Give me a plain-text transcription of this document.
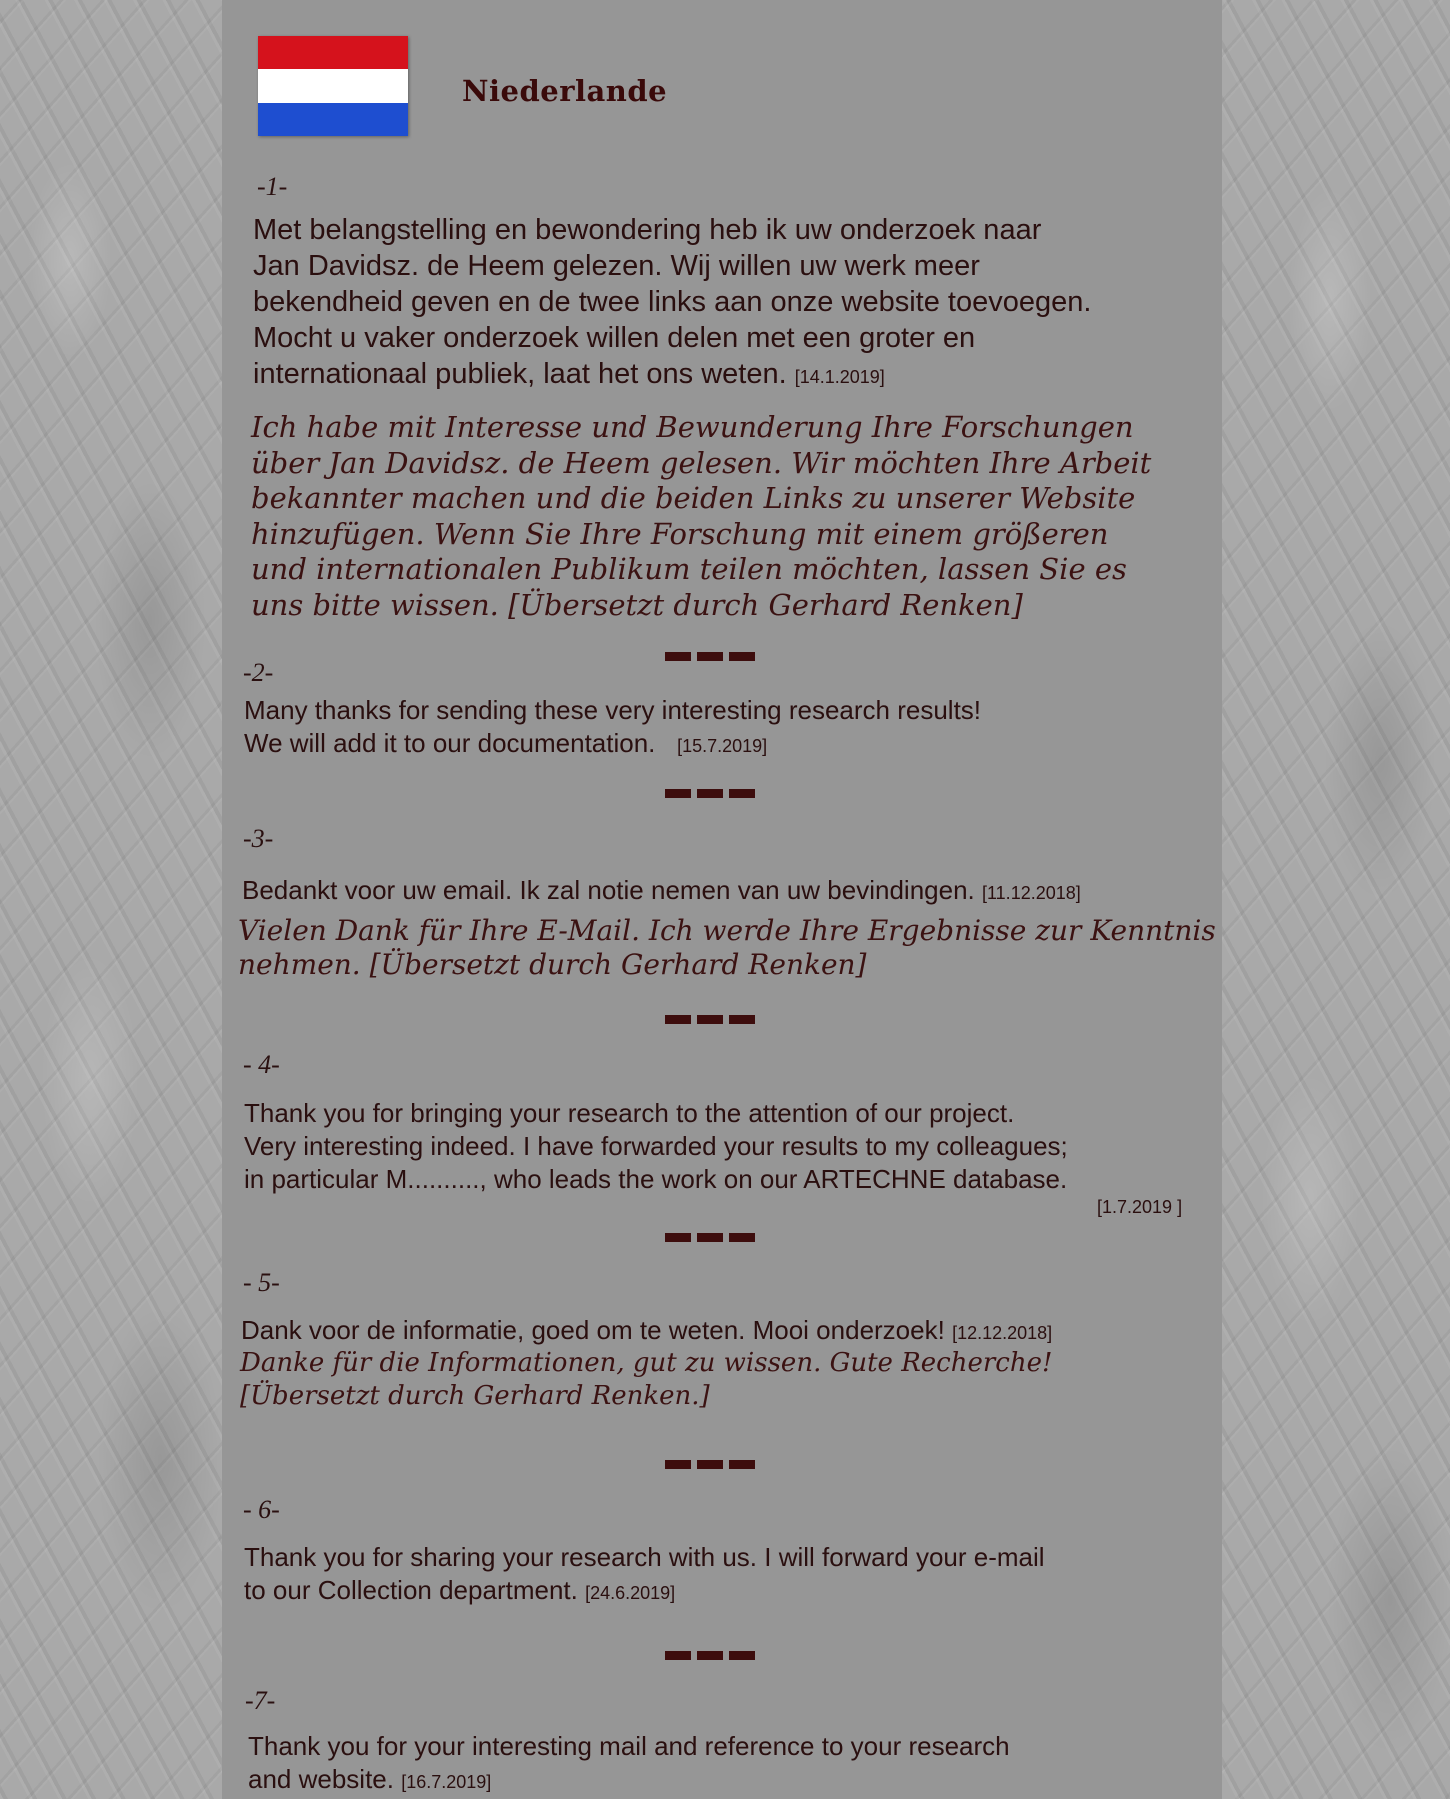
Niederlande

-1-

Met belangstelling en bewondering heb ik uw onderzoek naar
Jan Davidsz. de Heem gelezen. Wij willen uw werk meer
bekendheid geven en de twee links aan onze website toevoegen.
Mocht u vaker onderzoek willen delen met een groter en
internationaal publiek, laat het ons weten. [14.1.2019]

Ich habe mit Interesse und Bewunderung Ihre Forschungen
über Jan Davidsz. de Heem gelesen. Wir möchten Ihre Arbeit
bekannter machen und die beiden Links zu unserer Website
hinzufügen. Wenn Sie Ihre Forschung mit einem größeren
und internationalen Publikum teilen möchten, lassen Sie es
uns bitte wissen. [Übersetzt durch Gerhard Renken]

-2-

Many thanks for sending these very interesting research results!
We will add it to our documentation. [15.7.2019]

-3-

Bedankt voor uw email. Ik zal notie nemen van uw bevindingen. [11.12.2018]

Vielen Dank für Ihre E-Mail. Ich werde Ihre Ergebnisse zur Kenntnis
nehmen. [Übersetzt durch Gerhard Renken]

- 4-

Thank you for bringing your research to the attention of our project.
Very interesting indeed. I have forwarded your results to my colleagues;
in particular M.........., who leads the work on our ARTECHNE database.

[1.7.2019 ]

- 5-

Dank voor de informatie, goed om te weten. Mooi onderzoek! [12.12.2018]

Danke für die Informationen, gut zu wissen. Gute Recherche!
[Übersetzt durch Gerhard Renken.]

- 6-

Thank you for sharing your research with us. I will forward your e-mail
to our Collection department. [24.6.2019]

-7-

Thank you for your interesting mail and reference to your research
and website. [16.7.2019]
